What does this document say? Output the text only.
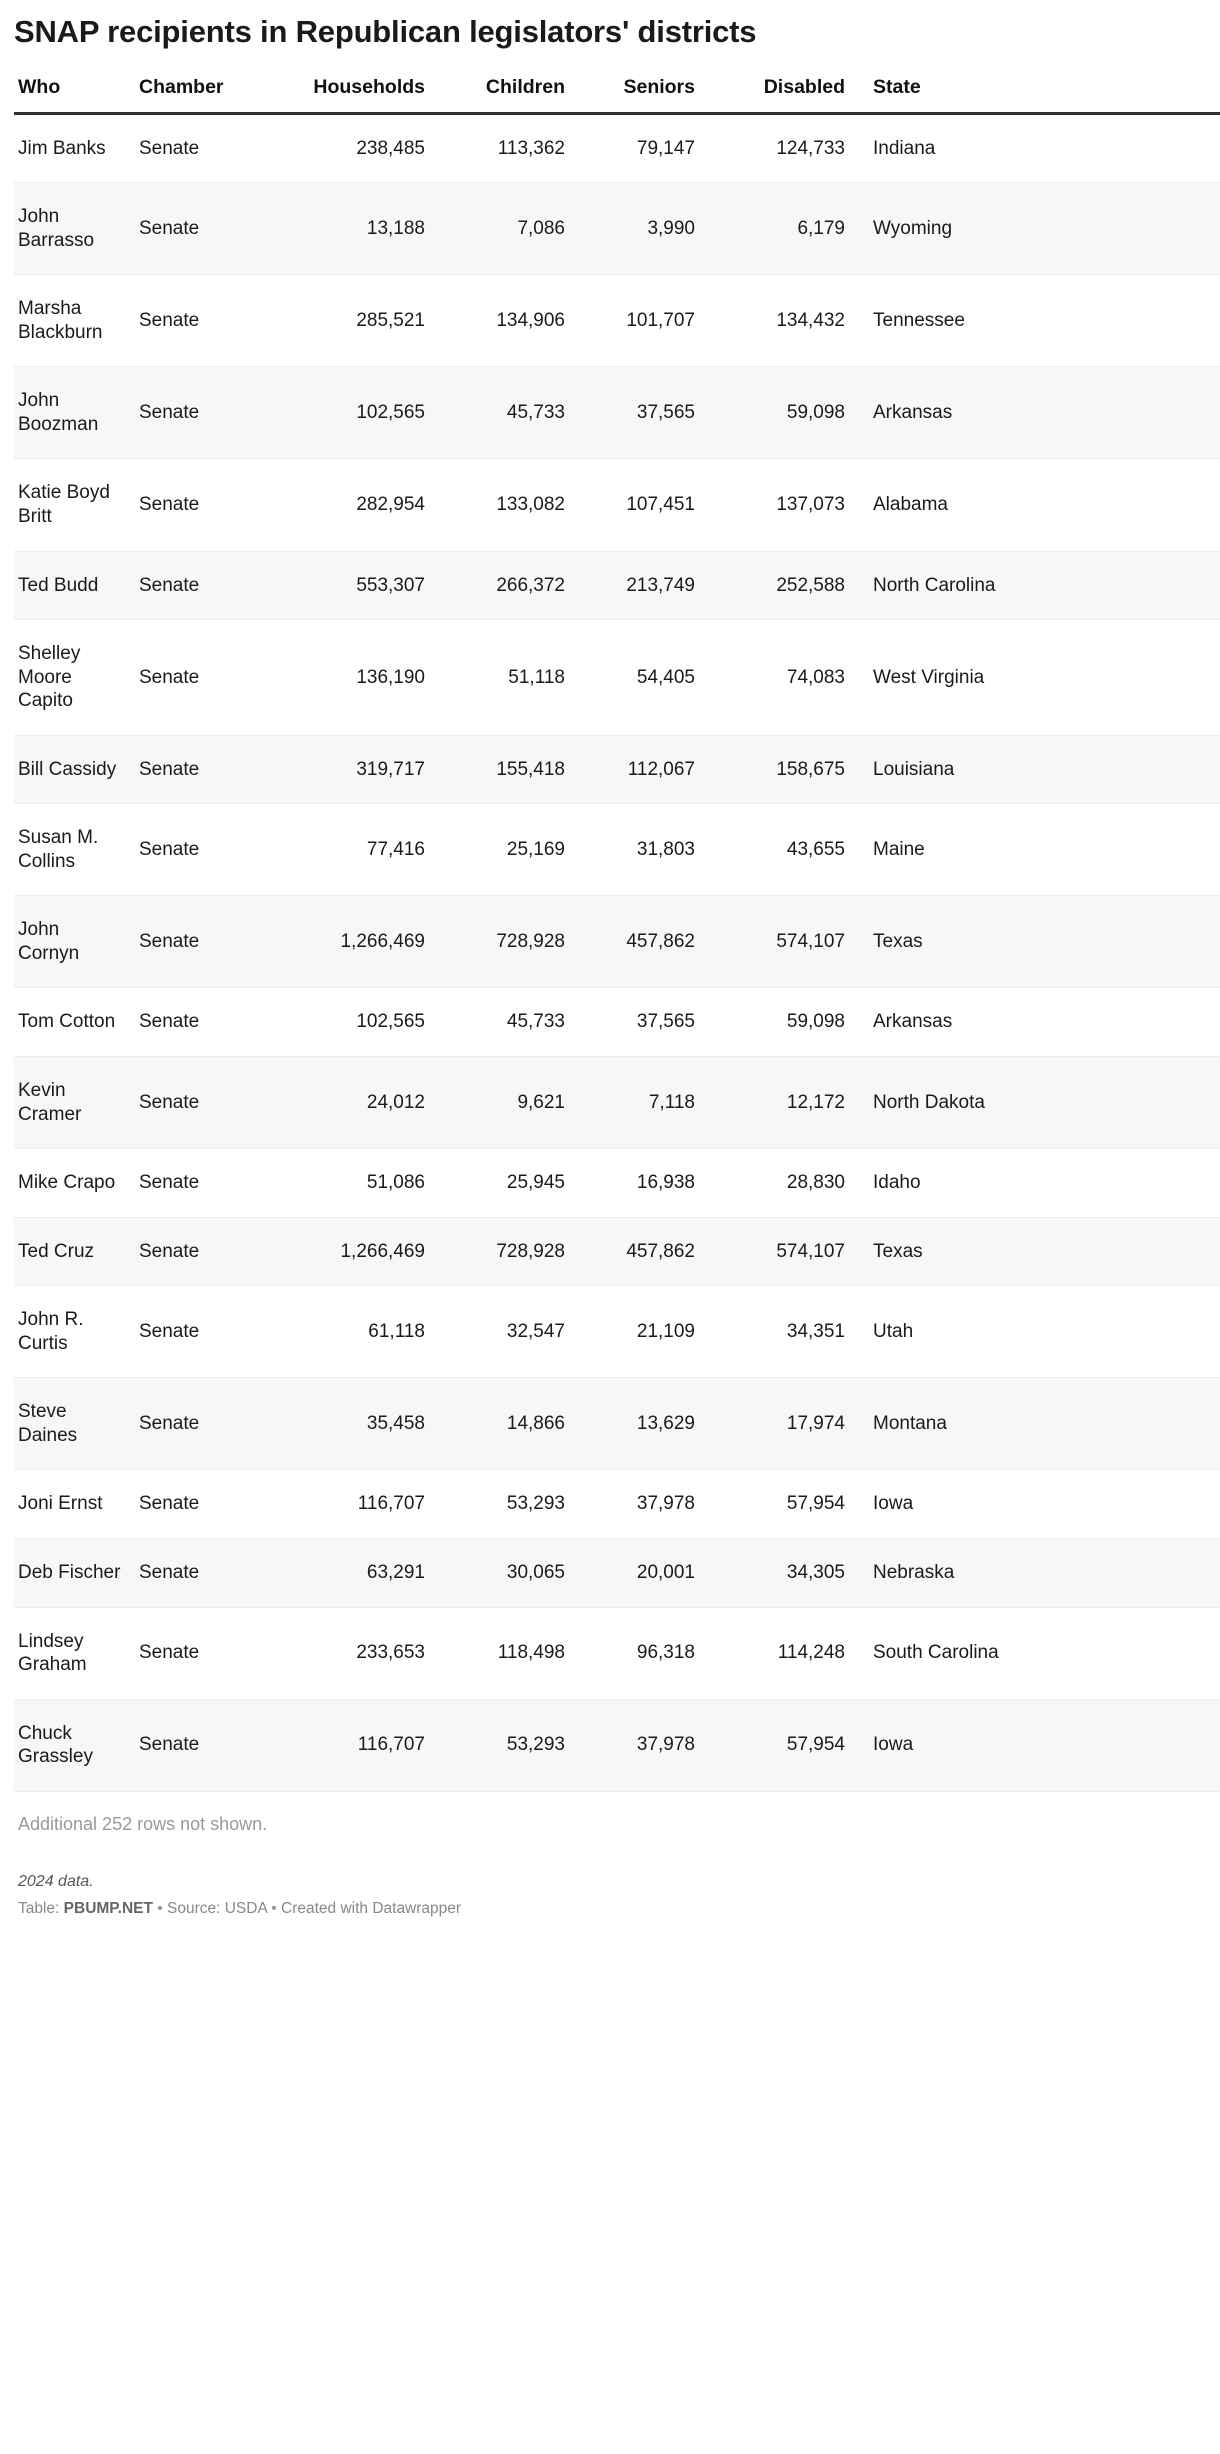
SNAP recipients in Republican legislators' districts
Who	Chamber	Households	Children	Seniors	Disabled	State
Jim Banks	Senate	238,485	113,362	79,147	124,733	Indiana
John Barrasso	Senate	13,188	7,086	3,990	6,179	Wyoming
Marsha Blackburn	Senate	285,521	134,906	101,707	134,432	Tennessee
John Boozman	Senate	102,565	45,733	37,565	59,098	Arkansas
Katie Boyd Britt	Senate	282,954	133,082	107,451	137,073	Alabama
Ted Budd	Senate	553,307	266,372	213,749	252,588	North Carolina
Shelley Moore Capito	Senate	136,190	51,118	54,405	74,083	West Virginia
Bill Cassidy	Senate	319,717	155,418	112,067	158,675	Louisiana
Susan M. Collins	Senate	77,416	25,169	31,803	43,655	Maine
John Cornyn	Senate	1,266,469	728,928	457,862	574,107	Texas
Tom Cotton	Senate	102,565	45,733	37,565	59,098	Arkansas
Kevin Cramer	Senate	24,012	9,621	7,118	12,172	North Dakota
Mike Crapo	Senate	51,086	25,945	16,938	28,830	Idaho
Ted Cruz	Senate	1,266,469	728,928	457,862	574,107	Texas
John R. Curtis	Senate	61,118	32,547	21,109	34,351	Utah
Steve Daines	Senate	35,458	14,866	13,629	17,974	Montana
Joni Ernst	Senate	116,707	53,293	37,978	57,954	Iowa
Deb Fischer	Senate	63,291	30,065	20,001	34,305	Nebraska
Lindsey Graham	Senate	233,653	118,498	96,318	114,248	South Carolina
Chuck Grassley	Senate	116,707	53,293	37,978	57,954	Iowa
Additional 252 rows not shown.
2024 data.
Table: PBUMP.NET • Source: USDA • Created with Datawrapper
